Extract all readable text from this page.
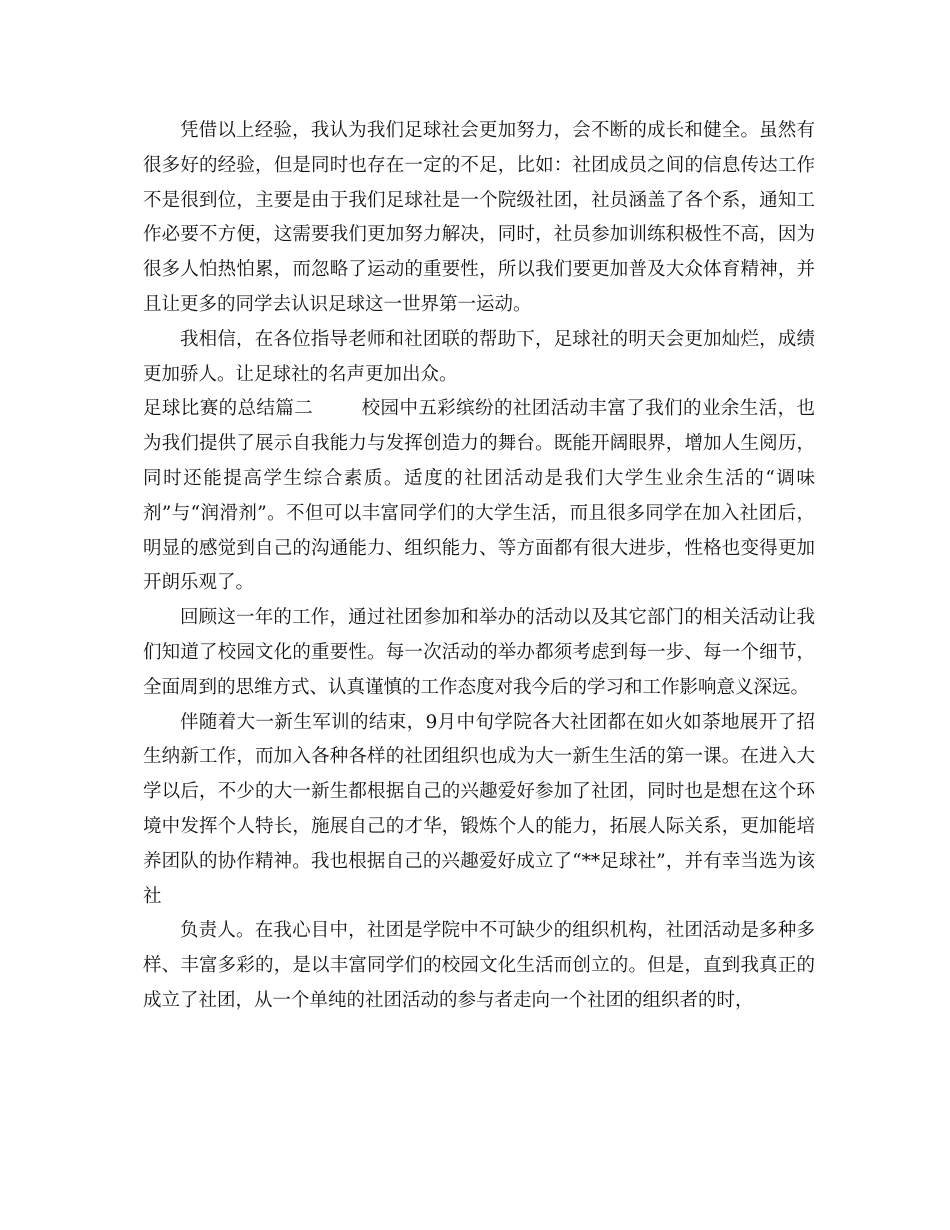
凭借以上经验，我认为我们足球社会更加努力，会不断的成长和健全。虽然有很多好的经验，但是同时也存在一定的不足，比如：社团成员之间的信息传达工作不是很到位，主要是由于我们足球社是一个院级社团，社员涵盖了各个系，通知工作必要不方便，这需要我们更加努力解决，同时，社员参加训练积极性不高，因为很多人怕热怕累，而忽略了运动的重要性，所以我们要更加普及大众体育精神，并且让更多的同学去认识足球这一世界第一运动。

我相信，在各位指导老师和社团联的帮助下，足球社的明天会更加灿烂，成绩更加骄人。让足球社的名声更加出众。

足球比赛的总结篇二	校园中五彩缤纷的社团活动丰富了我们的业余生活，也为我们提供了展示自我能力与发挥创造力的舞台。既能开阔眼界，增加人生阅历，同时还能提高学生综合素质。适度的社团活动是我们大学生业余生活的“调味剂”与“润滑剂”。不但可以丰富同学们的大学生活，而且很多同学在加入社团后，明显的感觉到自己的沟通能力、组织能力、等方面都有很大进步，性格也变得更加开朗乐观了。

回顾这一年的工作，通过社团参加和举办的活动以及其它部门的相关活动让我们知道了校园文化的重要性。每一次活动的举办都须考虑到每一步、每一个细节，全面周到的思维方式、认真谨慎的工作态度对我今后的学习和工作影响意义深远。

伴随着大一新生军训的结束，9月中旬学院各大社团都在如火如荼地展开了招生纳新工作，而加入各种各样的社团组织也成为大一新生生活的第一课。在进入大学以后，不少的大一新生都根据自己的兴趣爱好参加了社团，同时也是想在这个环境中发挥个人特长，施展自己的才华，锻炼个人的能力，拓展人际关系，更加能培养团队的协作精神。我也根据自己的兴趣爱好成立了“**足球社”，并有幸当选为该社

负责人。在我心目中，社团是学院中不可缺少的组织机构，社团活动是多种多样、丰富多彩的，是以丰富同学们的校园文化生活而创立的。但是，直到我真正的成立了社团，从一个单纯的社团活动的参与者走向一个社团的组织者的时，
